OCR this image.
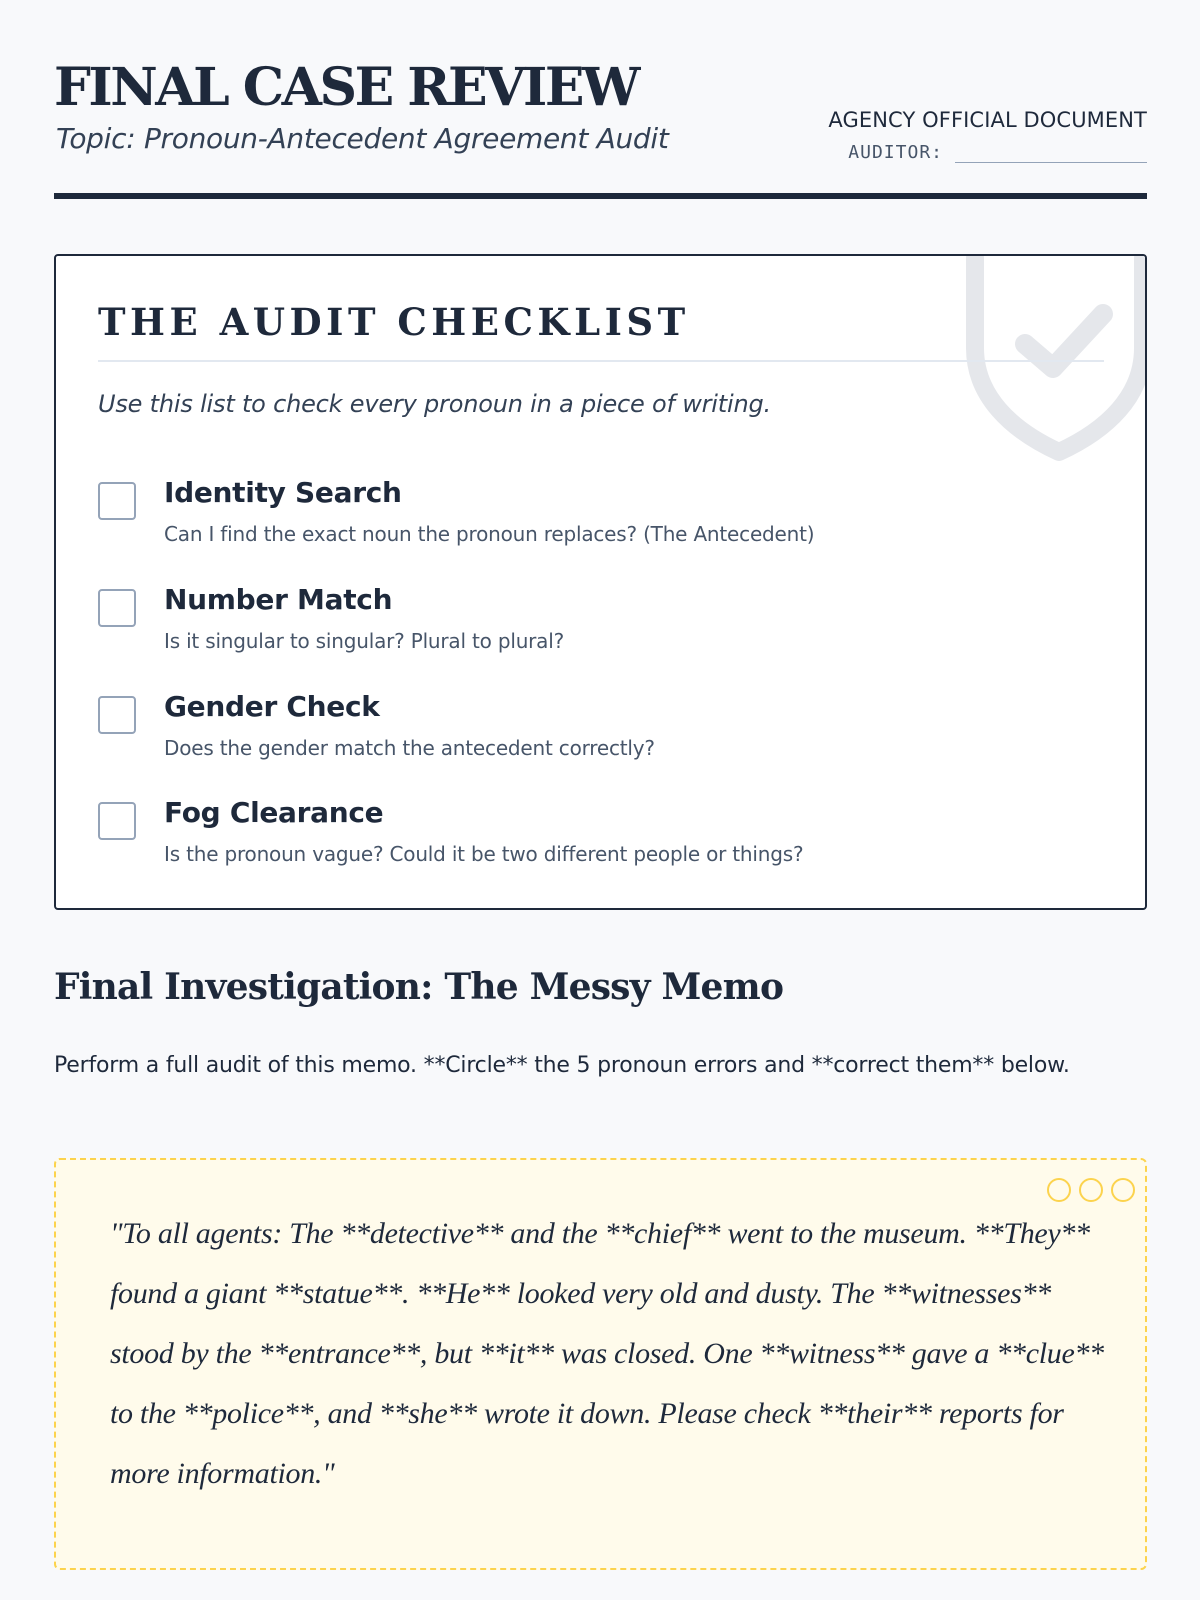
FINAL CASE REVIEW
Topic: Pronoun-Antecedent Agreement Audit
AGENCY OFFICIAL DOCUMENT
AUDITOR:
THE AUDIT CHECKLIST
Use this list to check every pronoun in a piece of writing.
Identity Search
Can I find the exact noun the pronoun replaces? (The Antecedent)
Number Match
Is it singular to singular? Plural to plural?
Gender Check
Does the gender match the antecedent correctly?
Fog Clearance
Is the pronoun vague? Could it be two different people or things?
Final Investigation: The Messy Memo
Perform a full audit of this memo. **Circle** the 5 pronoun errors and **correct them** below.
"To all agents: The **detective** and the **chief** went to the museum. **They** found a giant **statue**. **He** looked very old and dusty. The **witnesses** stood by the **entrance**, but **it** was closed. One **witness** gave a **clue** to the **police**, and **she** wrote it down. Please check **their** reports for more information."
